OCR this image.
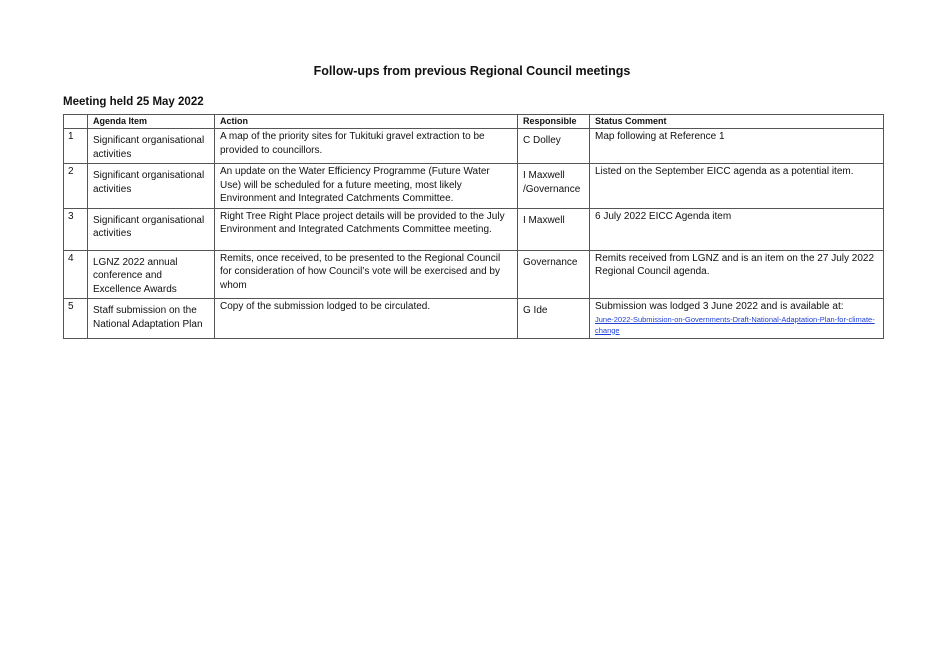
Follow-ups from previous Regional Council meetings
Meeting held 25 May 2022
	Agenda Item	Action	Responsible	Status Comment
1	Significant organisational activities	A map of the priority sites for Tukituki gravel extraction to be provided to councillors.	C Dolley	Map following at Reference 1
2	Significant organisational activities	An update on the Water Efficiency Programme (Future Water Use) will be scheduled for a future meeting, most likely Environment and Integrated Catchments Committee.	I Maxwell /Governance	Listed on the September EICC agenda as a potential item.
3	Significant organisational activities	Right Tree Right Place project details will be provided to the July Environment and Integrated Catchments Committee meeting.	I Maxwell	6 July 2022 EICC Agenda item
4	LGNZ 2022 annual conference and Excellence Awards	Remits, once received, to be presented to the Regional Council for consideration of how Council’s vote will be exercised and by whom	Governance	Remits received from LGNZ and is an item on the 27 July 2022 Regional Council agenda.
5	Staff submission on the National Adaptation Plan	Copy of the submission lodged to be circulated.	G Ide	Submission was lodged 3 June 2022 and is available at:
June-2022-Submission-on-Governments-Draft-National-Adaptation-Plan-for-climate-change
